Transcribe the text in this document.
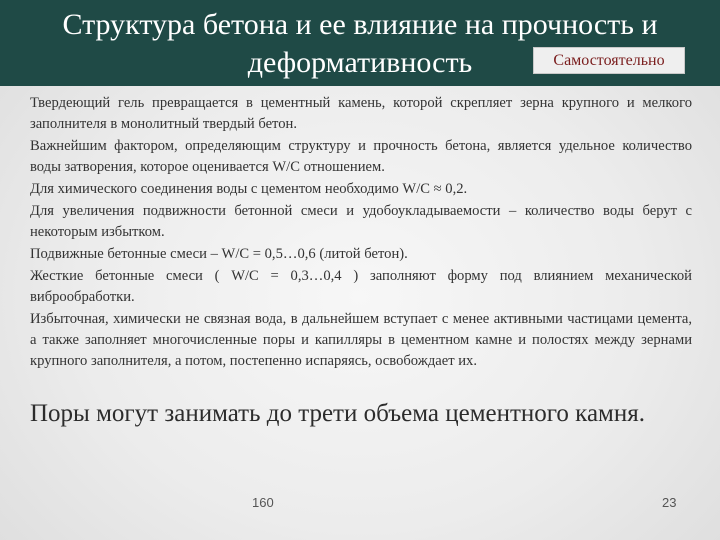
Структура бетона и ее влияние на прочность и
деформативность	Самостоятельно

Твердеющий гель превращается в цементный камень, которой скрепляет зерна крупного и мелкого заполнителя в монолитный твердый бетон.

Важнейшим фактором, определяющим структуру и прочность бетона, является удельное количество воды затворения, которое оценивается W/C отношением.

Для химического соединения воды с цементом необходимо W/C ≈ 0,2.

Для увеличения подвижности бетонной смеси и удобоукладываемости – количество воды берут с некоторым избытком.

Подвижные бетонные смеси – W/C = 0,5…0,6 (литой бетон).

Жесткие бетонные смеси ( W/C = 0,3…0,4 ) заполняют форму под влиянием механической виброобработки.

Избыточная, химически не связная вода, в дальнейшем вступает с менее активными частицами цемента, а также заполняет многочисленные поры и капилляры в цементном камне и полостях между зернами крупного заполнителя, а потом, постепенно испаряясь, освобождает их.

Поры могут занимать до трети объема цементного камня.

160	23
